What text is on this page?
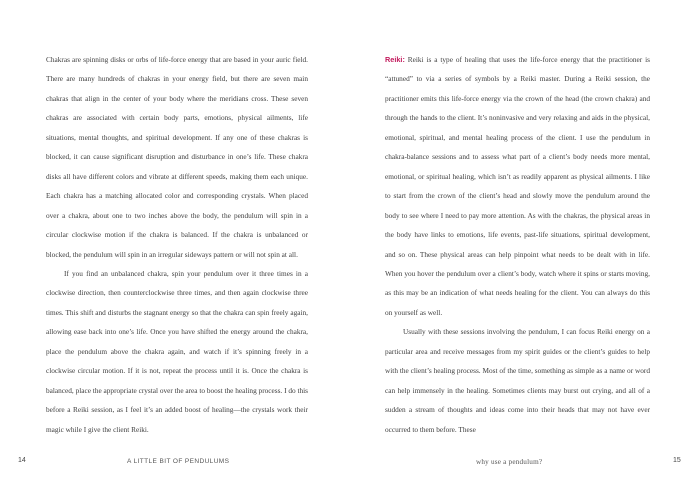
Chakras are spinning disks or orbs of life-force energy that are based in your auric field. There are many hundreds of chakras in your energy field, but there are seven main chakras that align in the center of your body where the meridians cross. These seven chakras are associated with certain body parts, emotions, physical ailments, life situations, mental thoughts, and spiritual development. If any one of these chakras is blocked, it can cause significant disruption and disturbance in one’s life. These chakra disks all have different colors and vibrate at different speeds, making them each unique. Each chakra has a matching allocated color and corresponding crystals. When placed over a chakra, about one to two inches above the body, the pendulum will spin in a circular clockwise motion if the chakra is balanced. If the chakra is unbalanced or blocked, the pendulum will spin in an irregular sideways pattern or will not spin at all.

If you find an unbalanced chakra, spin your pendulum over it three times in a clockwise direction, then counterclockwise three times, and then again clockwise three times. This shift and disturbs the stagnant energy so that the chakra can spin freely again, allowing ease back into one’s life. Once you have shifted the energy around the chakra, place the pendulum above the chakra again, and watch if it’s spinning freely in a clockwise circular motion. If it is not, repeat the process until it is. Once the chakra is balanced, place the appropriate crystal over the area to boost the healing process. I do this before a Reiki session, as I feel it’s an added boost of healing—the crystals work their magic while I give the client Reiki.

14	A LITTLE BIT OF PENDULUMS

Reiki: Reiki is a type of healing that uses the life-force energy that the practitioner is “attuned” to via a series of symbols by a Reiki master. During a Reiki session, the practitioner emits this life-force energy via the crown of the head (the crown chakra) and through the hands to the client. It’s noninvasive and very relaxing and aids in the physical, emotional, spiritual, and mental healing process of the client. I use the pendulum in chakra-balance sessions and to assess what part of a client’s body needs more mental, emotional, or spiritual healing, which isn’t as readily apparent as physical ailments. I like to start from the crown of the client’s head and slowly move the pendulum around the body to see where I need to pay more attention. As with the chakras, the physical areas in the body have links to emotions, life events, past-life situations, spiritual development, and so on. These physical areas can help pinpoint what needs to be dealt with in life. When you hover the pendulum over a client’s body, watch where it spins or starts moving, as this may be an indication of what needs healing for the client. You can always do this on yourself as well.

Usually with these sessions involving the pendulum, I can focus Reiki energy on a particular area and receive messages from my spirit guides or the client’s guides to help with the client’s healing process. Most of the time, something as simple as a name or word can help immensely in the healing. Sometimes clients may burst out crying, and all of a sudden a stream of thoughts and ideas come into their heads that may not have ever occurred to them before. These

why use a pendulum?	15
